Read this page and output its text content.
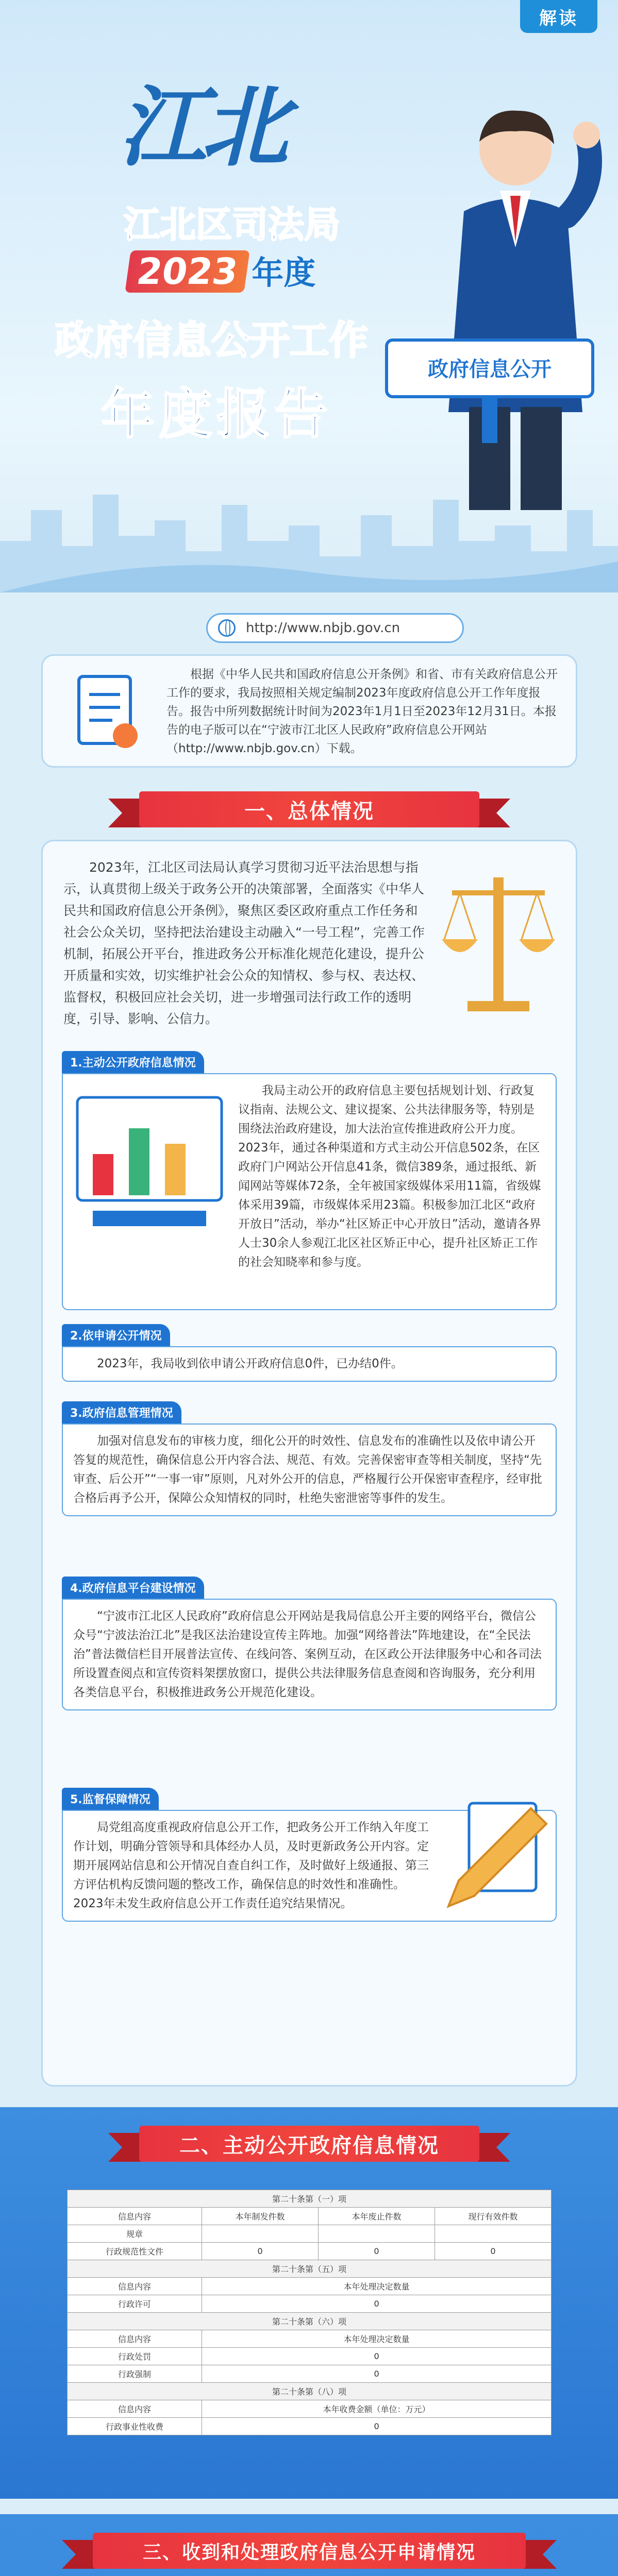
解读
江北
江北区司法局
2023 年度
政府信息公开工作
年度报告
政府信息公开
http://www.nbjb.gov.cn

根据《中华人民共和国政府信息公开条例》和省、市有关政府信息公开工作的要求，我局按照相关规定编制2023年度政府信息公开工作年度报告。报告中所列数据统计时间为2023年1月1日至2023年12月31日。本报告的电子版可以在“宁波市江北区人民政府”政府信息公开网站（http://www.nbjb.gov.cn）下载。

一、总体情况

2023年，江北区司法局认真学习贯彻习近平法治思想与指示，认真贯彻上级关于政务公开的决策部署，全面落实《中华人民共和国政府信息公开条例》，聚焦区委区政府重点工作任务和社会公众关切，坚持把法治建设主动融入“一号工程”，完善工作机制，拓展公开平台，推进政务公开标准化规范化建设，提升公开质量和实效，切实维护社会公众的知情权、参与权、表达权、监督权，积极回应社会关切，进一步增强司法行政工作的透明度，引导、影响、公信力。

1.主动公开政府信息情况
我局主动公开的政府信息主要包括规划计划、行政复议指南、法规公文、建议提案、公共法律服务等，特别是围绕法治政府建设，加大法治宣传推进政府公开力度。2023年，通过各种渠道和方式主动公开信息502条，在区政府门户网站公开信息41条，微信389条，通过报纸、新闻网站等媒体72条，全年被国家级媒体采用11篇，省级媒体采用39篇，市级媒体采用23篇。积极参加江北区“政府开放日”活动，举办“社区矫正中心开放日”活动，邀请各界人士30余人参观江北区社区矫正中心，提升社区矫正工作的社会知晓率和参与度。
2.依申请公开情况
2023年，我局收到依申请公开政府信息0件，已办结0件。
3.政府信息管理情况
加强对信息发布的审核力度，细化公开的时效性、信息发布的准确性以及依申请公开答复的规范性，确保信息公开内容合法、规范、有效。完善保密审查等相关制度，坚持“先审查、后公开”“一事一审”原则，凡对外公开的信息，严格履行公开保密审查程序，经审批合格后再予公开，保障公众知情权的同时，杜绝失密泄密等事件的发生。
4.政府信息平台建设情况
“宁波市江北区人民政府”政府信息公开网站是我局信息公开主要的网络平台，微信公众号“宁波法治江北”是我区法治建设宣传主阵地。加强“网络普法”阵地建设，在“全民法治”普法微信栏目开展普法宣传、在线问答、案例互动，在区政公开法律服务中心和各司法所设置查阅点和宣传资料架摆放窗口，提供公共法律服务信息查阅和咨询服务，充分利用各类信息平台，积极推进政务公开规范化建设。
5.监督保障情况
局党组高度重视政府信息公开工作，把政务公开工作纳入年度工作计划，明确分管领导和具体经办人员，及时更新政务公开内容。定期开展网站信息和公开情况自查自纠工作，及时做好上级通报、第三方评估机构反馈问题的整改工作，确保信息的时效性和准确性。2023年未发生政府信息公开工作责任追究结果情况。
二、主动公开政府信息情况
第二十条第（一）项			
信息内容	本年制发件数	本年废止件数	现行有效件数
规章			
行政规范性文件	0	0	0
第二十条第（五）项			
信息内容	本年处理决定数量		
行政许可	0		
第二十条第（六）项			
信息内容	本年处理决定数量		
行政处罚	0		
行政强制	0		
第二十条第（八）项			
信息内容	本年收费金额（单位：万元）		
行政事业性收费	0		
三、收到和处理政府信息公开申请情况
